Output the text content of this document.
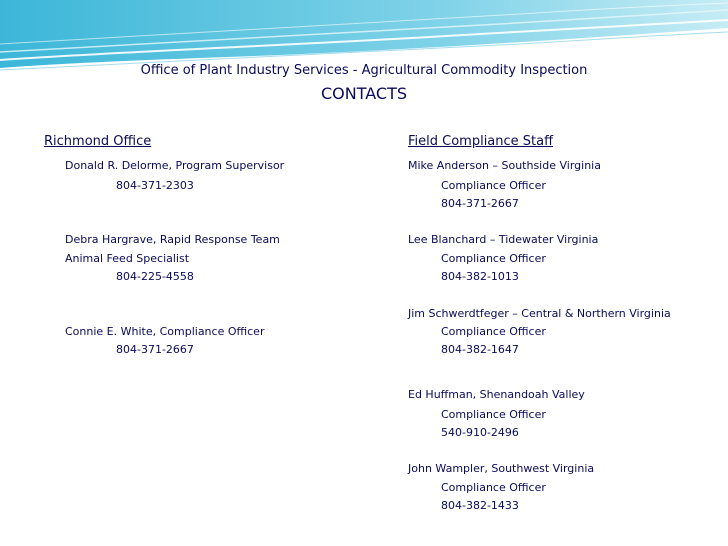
Office of Plant Industry Services - Agricultural Commodity Inspection
CONTACTS
Richmond Office
Donald R. Delorme, Program Supervisor
804-371-2303
Debra Hargrave, Rapid Response Team
Animal Feed Specialist
804-225-4558
Connie E. White, Compliance Officer
804-371-2667
Field Compliance Staff
Mike Anderson – Southside Virginia
Compliance Officer
804-371-2667
Lee Blanchard – Tidewater Virginia
Compliance Officer
804-382-1013
Jim Schwerdtfeger – Central & Northern Virginia
Compliance Officer
804-382-1647
Ed Huffman, Shenandoah Valley
Compliance Officer
540-910-2496
John Wampler, Southwest Virginia
Compliance Officer
804-382-1433
